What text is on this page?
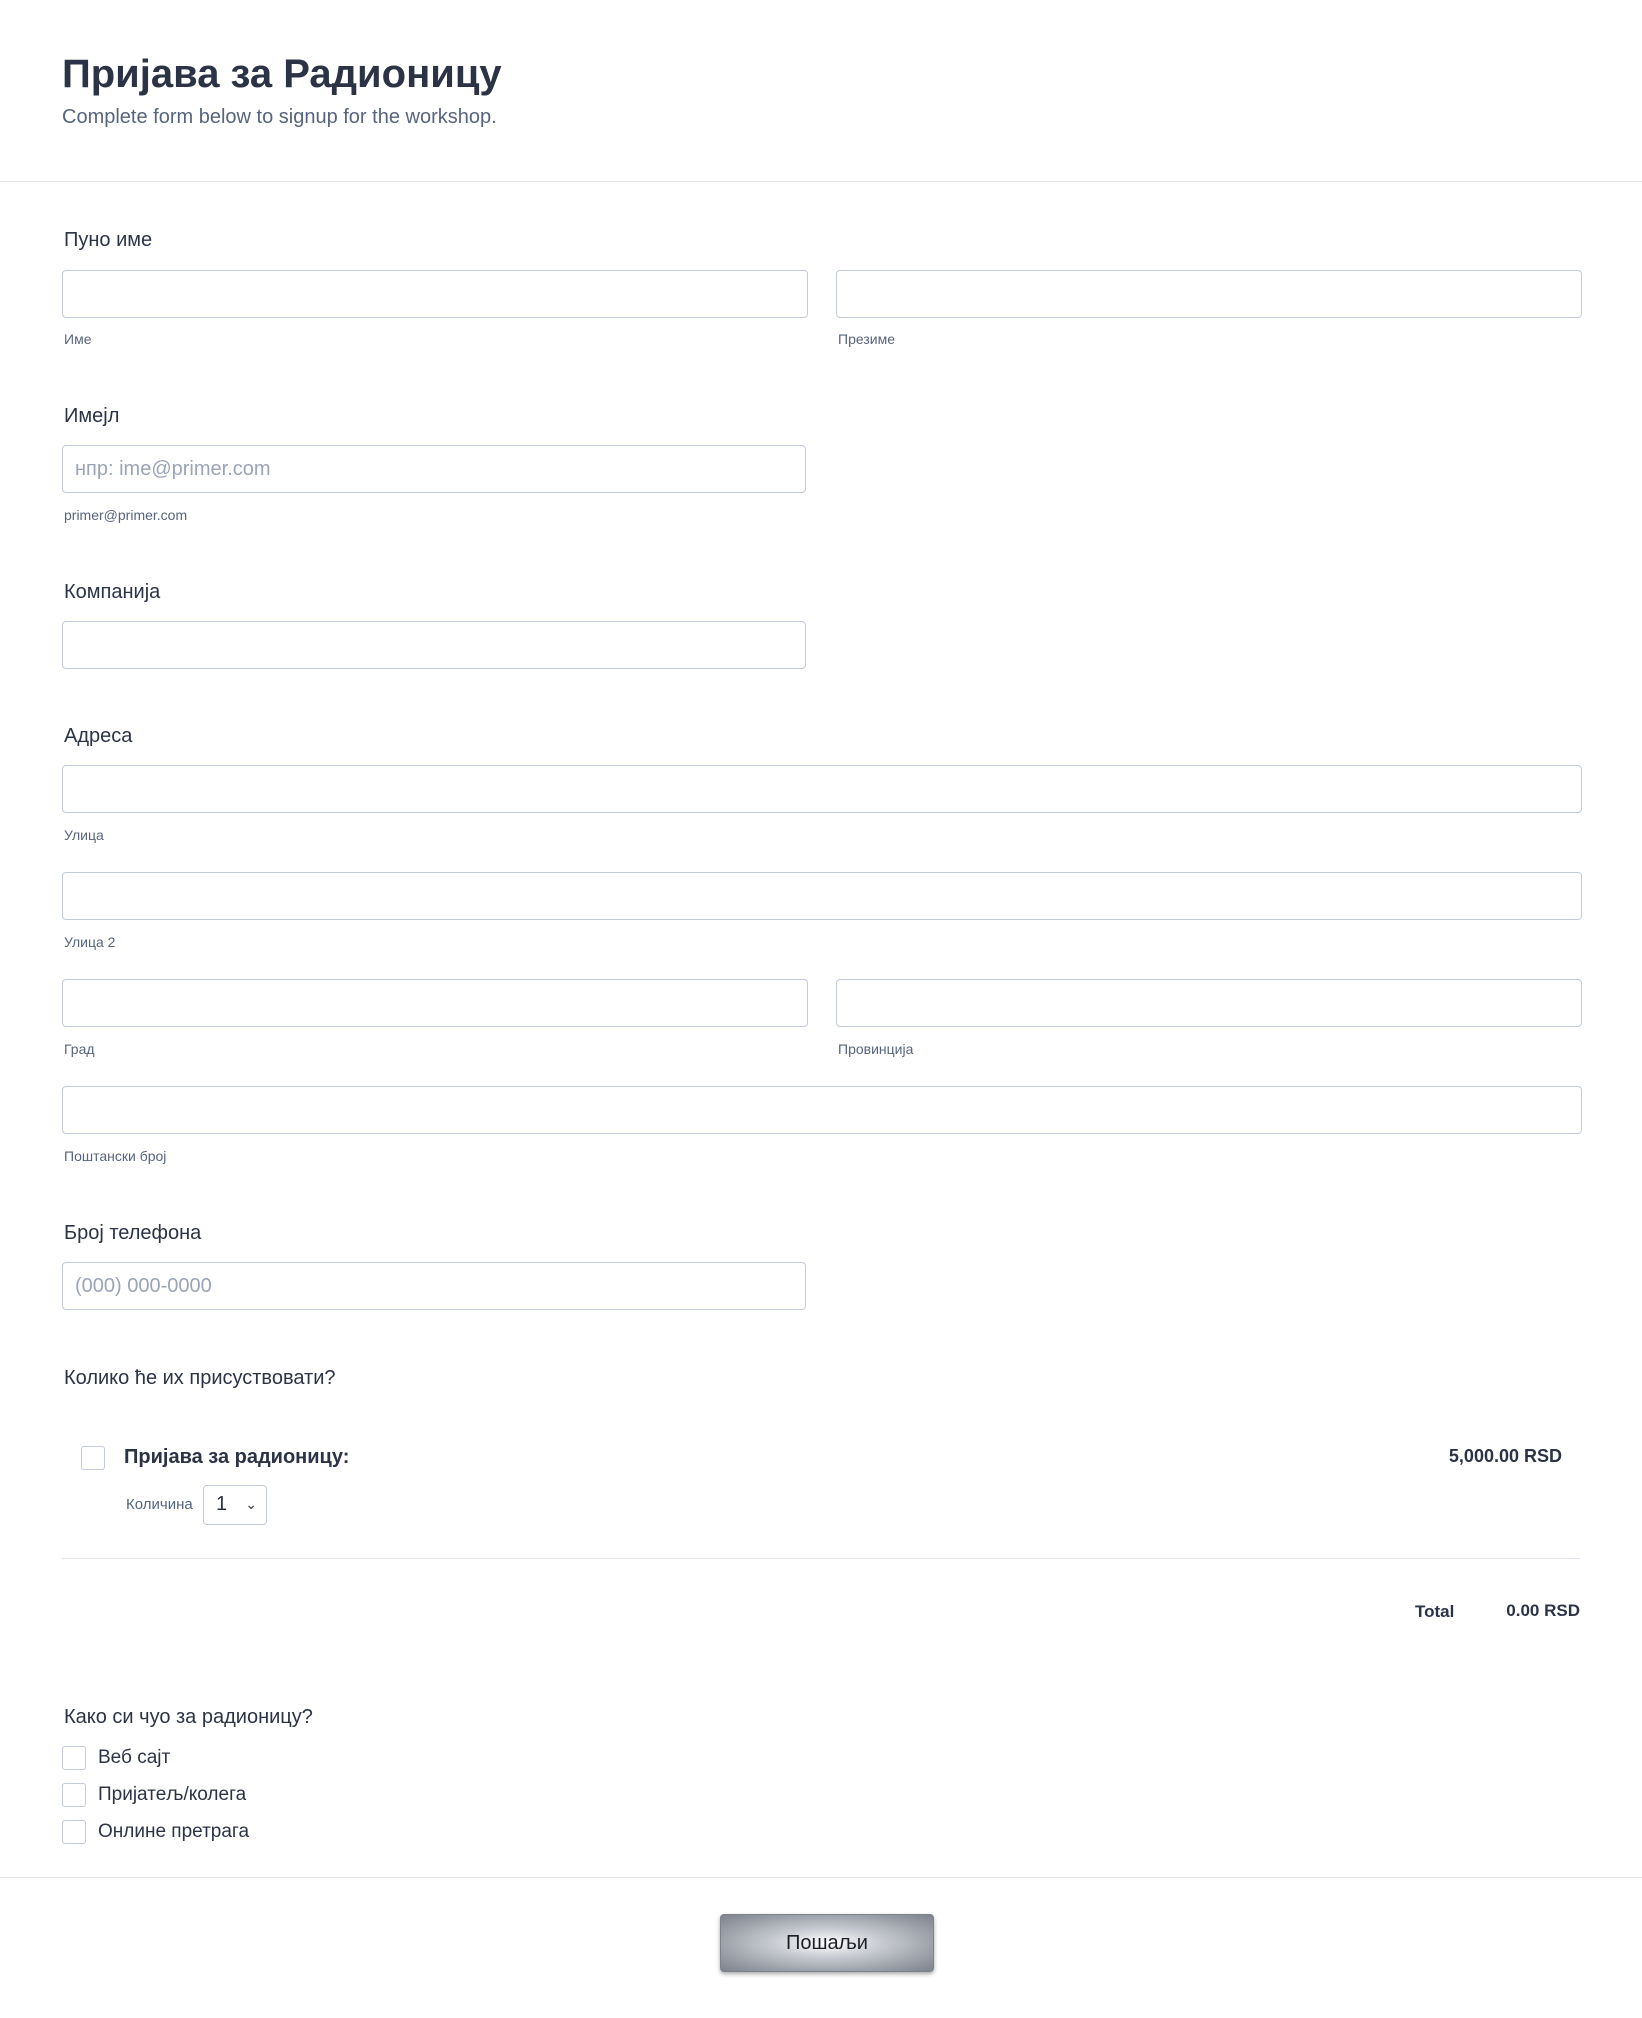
Пријава за Радионицу
Complete form below to signup for the workshop.
Пуно име
Име	Презиме
Имејл
нпр: ime@primer.com
primer@primer.com
Компанија
Адреса
Улица
Улица 2
Град	Провинција
Поштански број
Број телефона
(000) 000-0000
Колико ће их присуствовати?
Пријава за радионицу:	5,000.00 RSD
Количина	1 ⌄
Total	0.00 RSD
Како си чуо за радионицу?
Веб сајт
Пријатељ/колега
Онлине претрага
Пошаљи
